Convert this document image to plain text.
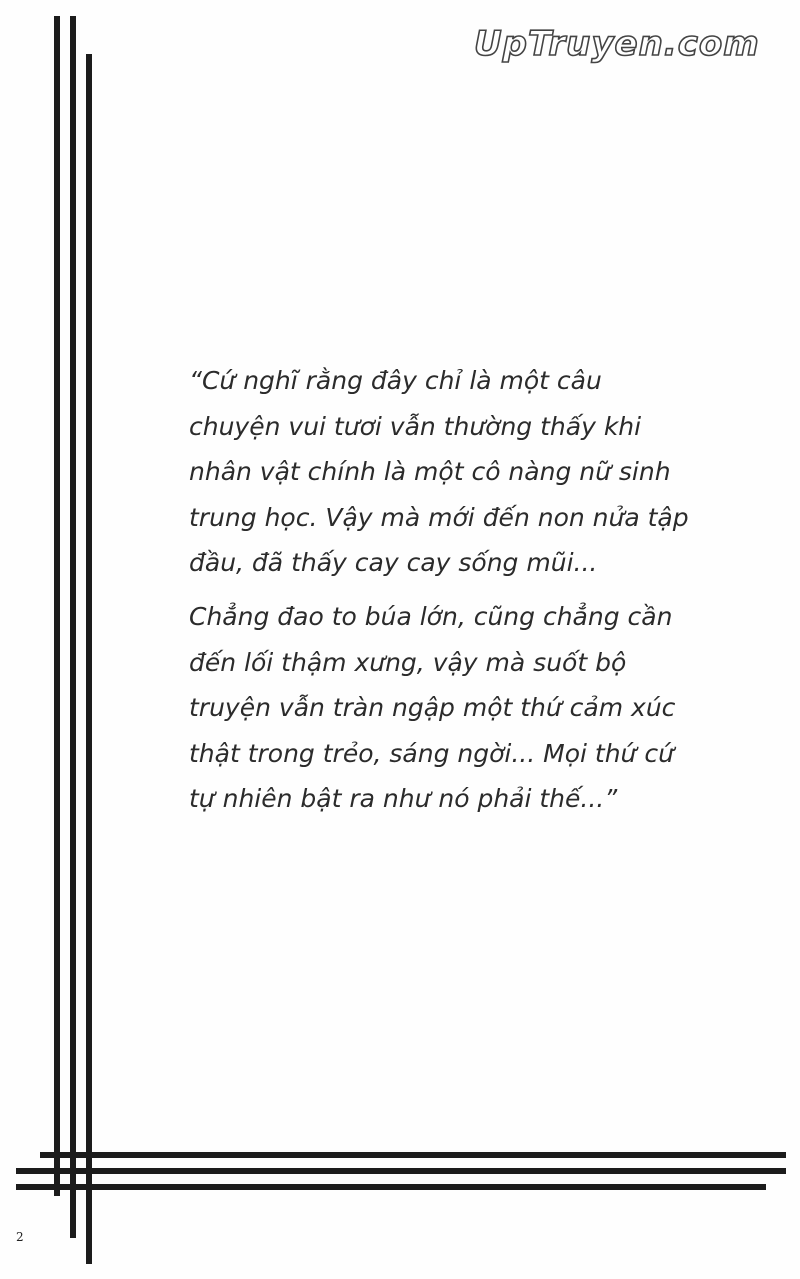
UpTruyen.com

“Cứ nghĩ rằng đây chỉ là một câu
chuyện vui tươi vẫn thường thấy khi
nhân vật chính là một cô nàng nữ sinh
trung học. Vậy mà mới đến non nửa tập
đầu, đã thấy cay cay sống mũi...

Chẳng đao to búa lớn, cũng chẳng cần
đến lối thậm xưng, vậy mà suốt bộ
truyện vẫn tràn ngập một thứ cảm xúc
thật trong trẻo, sáng ngời... Mọi thứ cứ
tự nhiên bật ra như nó phải thế...”

2
